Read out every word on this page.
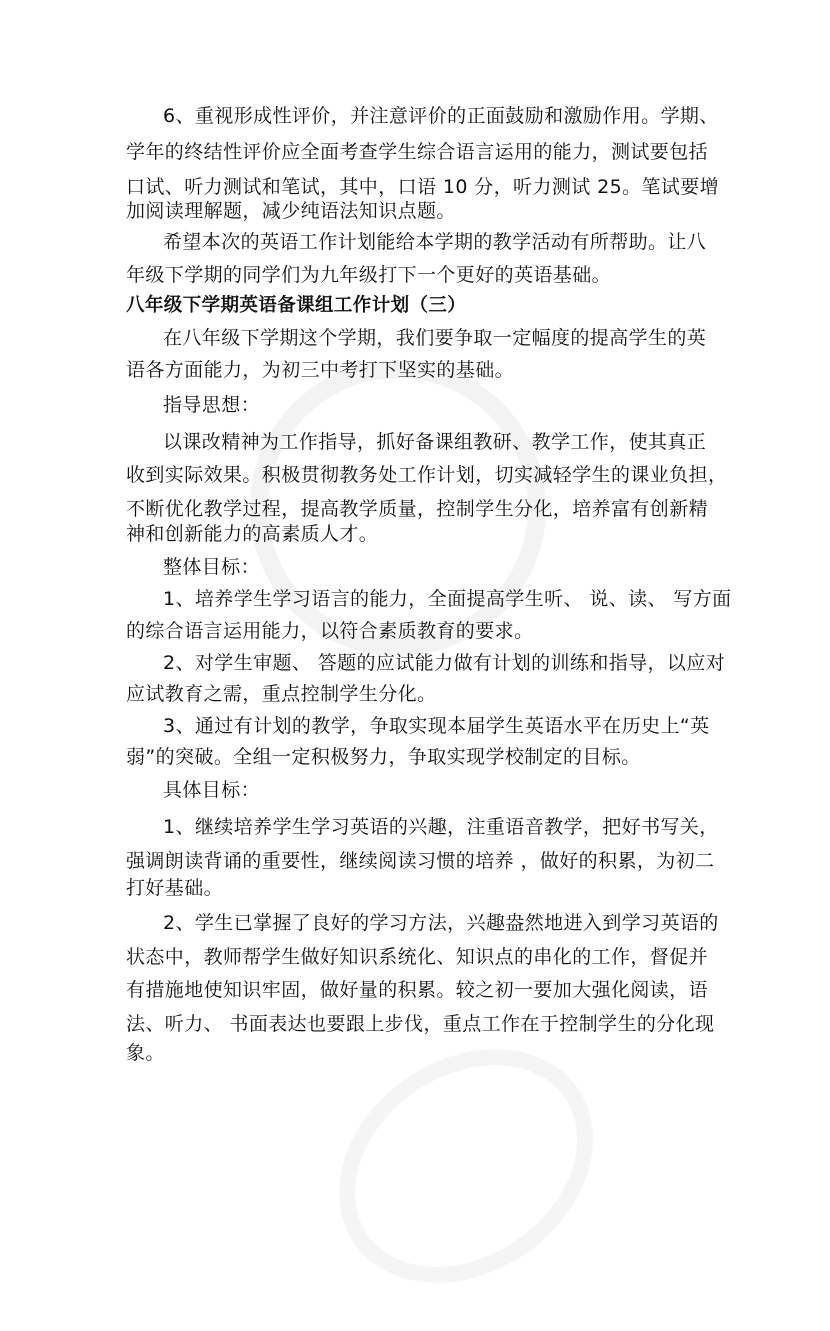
6、重视形成性评价，并注意评价的正面鼓励和激励作用。学期、
学年的终结性评价应全面考查学生综合语言运用的能力，测试要包括
口试、听力测试和笔试，其中，口语 10 分，听力测试 25。笔试要增
加阅读理解题，减少纯语法知识点题。
希望本次的英语工作计划能给本学期的教学活动有所帮助。让八
年级下学期的同学们为九年级打下一个更好的英语基础。
八年级下学期英语备课组工作计划（三）
在八年级下学期这个学期，我们要争取一定幅度的提高学生的英
语各方面能力，为初三中考打下坚实的基础。
指导思想：
以课改精神为工作指导，抓好备课组教研、教学工作，使其真正
收到实际效果。积极贯彻教务处工作计划，切实减轻学生的课业负担，
不断优化教学过程，提高教学质量，控制学生分化，培养富有创新精
神和创新能力的高素质人才。
整体目标：
1、培养学生学习语言的能力，全面提高学生听、 说、读、 写方面
的综合语言运用能力，以符合素质教育的要求。
2、对学生审题、 答题的应试能力做有计划的训练和指导，以应对
应试教育之需，重点控制学生分化。
3、通过有计划的教学，争取实现本届学生英语水平在历史上“英
弱”的突破。全组一定积极努力，争取实现学校制定的目标。
具体目标：
1、继续培养学生学习英语的兴趣，注重语音教学，把好书写关，
强调朗读背诵的重要性，继续阅读习惯的培养 ，做好的积累，为初二
打好基础。
2、学生已掌握了良好的学习方法，兴趣盎然地进入到学习英语的
状态中，教师帮学生做好知识系统化、知识点的串化的工作，督促并
有措施地使知识牢固，做好量的积累。较之初一要加大强化阅读，语
法、听力、 书面表达也要跟上步伐，重点工作在于控制学生的分化现
象。
